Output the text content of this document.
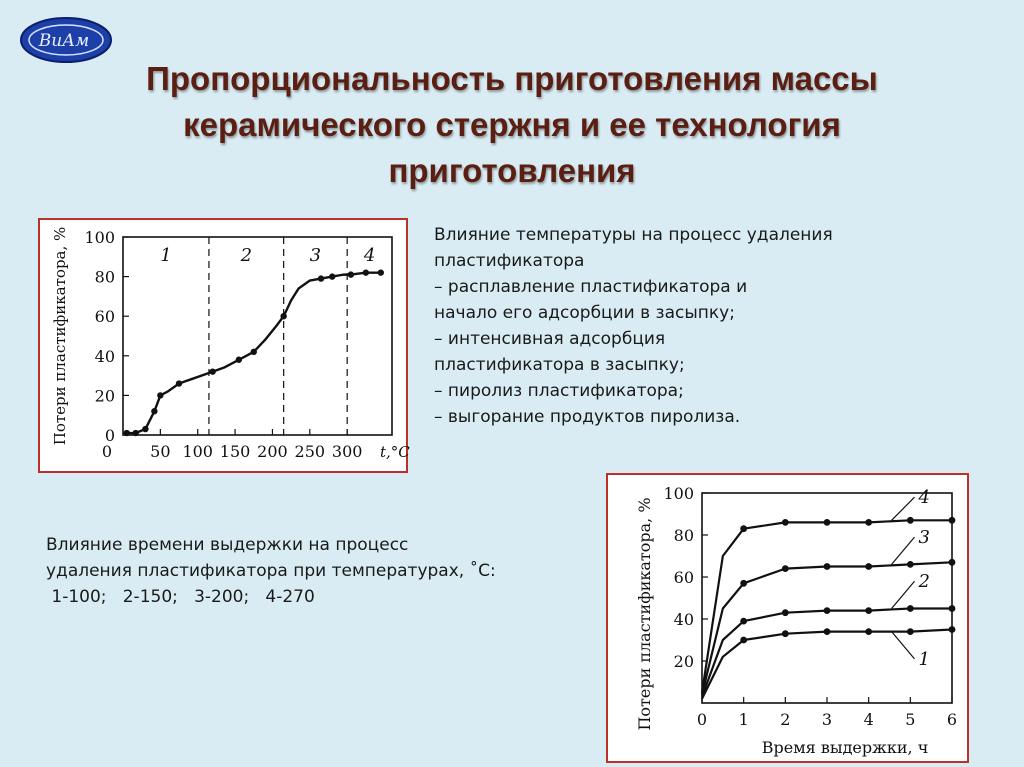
ВиАм
Пропорциональность приготовления массы
керамического стержня и ее технология
приготовления
0
20
40
60
80
100
50 100 150 200 250 300
0	t,°C
1	2	3 4
Потери пластификатора, %	Влияние температуры на процесс удаления
пластификатора
– расплавление пластификатора и
начало его адсорбции в засыпку;
– интенсивная адсорбция
пластификатора в засыпку;
– пиролиз пластификатора;
– выгорание продуктов пиролиза.
Влияние времени выдержки на процесс
удаления пластификатора при температурах, ˚С:
1-100;   2-150;   3-200;   4-270
20
40
60
80
100
0 1 2 3 4 5 6
Время выдержки, ч
Потери пластификатора, %	1
2
3
4
